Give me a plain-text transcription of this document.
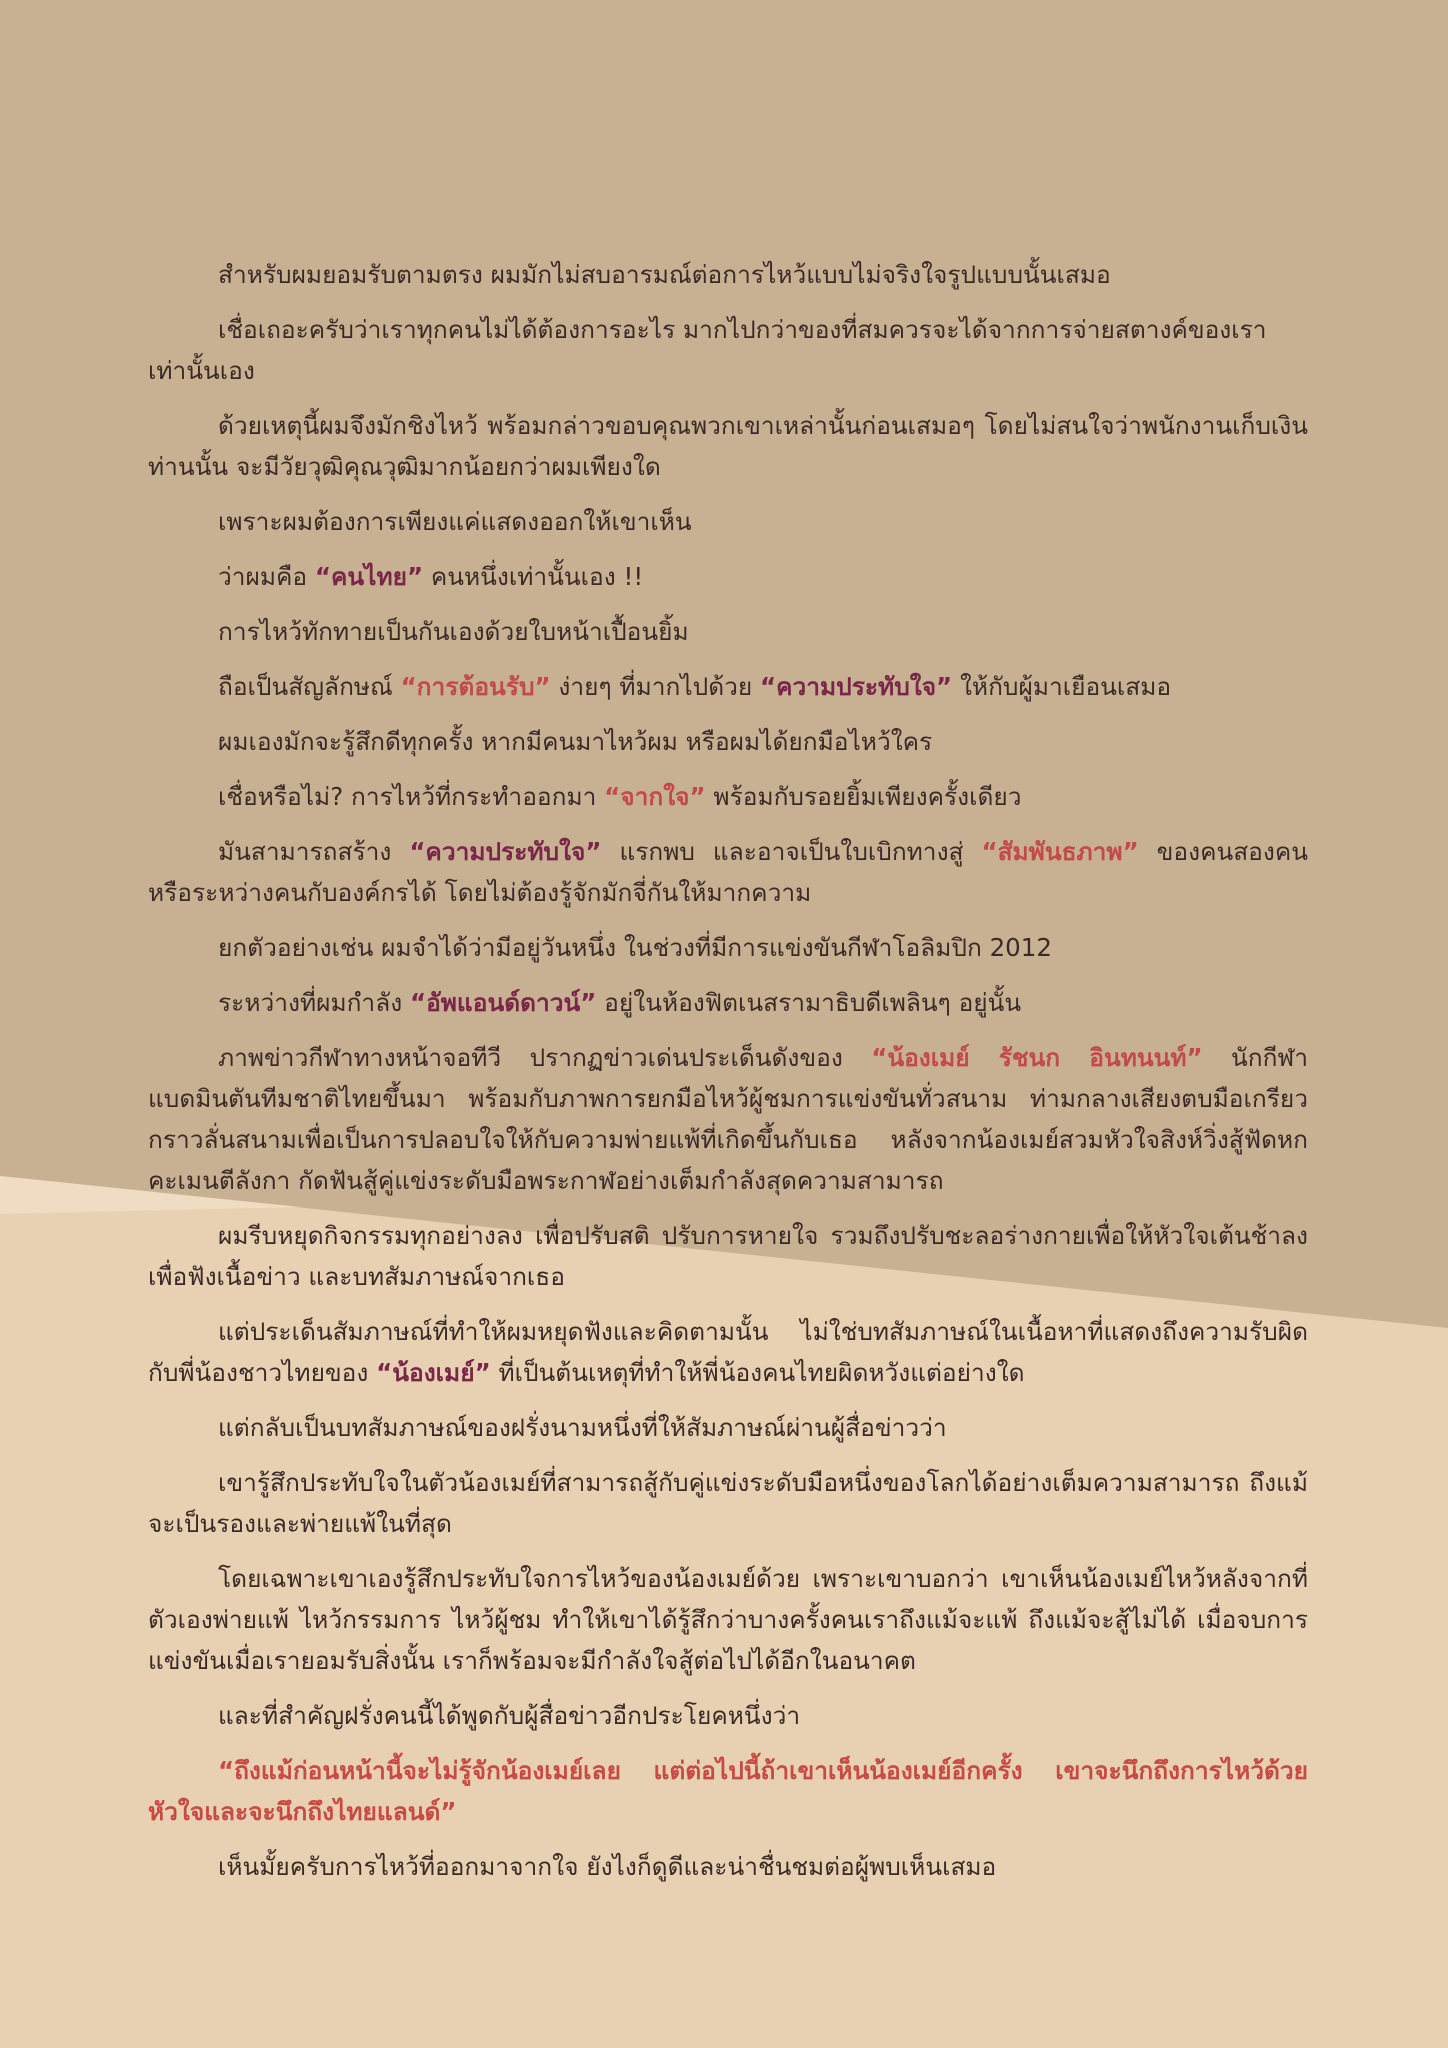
สำหรับผมยอมรับตามตรง ผมมักไม่สบอารมณ์ต่อการไหว้แบบไม่จริงใจรูปแบบนั้นเสมอ

เชื่อเถอะครับว่าเราทุกคนไม่ได้ต้องการอะไร มากไปกว่าของที่สมควรจะได้จากการจ่ายสตางค์ของเราเท่านั้นเอง

ด้วยเหตุนี้ผมจึงมักชิงไหว้ พร้อมกล่าวขอบคุณพวกเขาเหล่านั้นก่อนเสมอๆ โดยไม่สนใจว่าพนักงานเก็บเงินท่านนั้น จะมีวัยวุฒิคุณวุฒิมากน้อยกว่าผมเพียงใด

เพราะผมต้องการเพียงแค่แสดงออกให้เขาเห็น

ว่าผมคือ “คนไทย” คนหนึ่งเท่านั้นเอง !!

การไหว้ทักทายเป็นกันเองด้วยใบหน้าเปื้อนยิ้ม

ถือเป็นสัญลักษณ์ “การต้อนรับ” ง่ายๆ ที่มากไปด้วย “ความประทับใจ” ให้กับผู้มาเยือนเสมอ

ผมเองมักจะรู้สึกดีทุกครั้ง หากมีคนมาไหว้ผม หรือผมได้ยกมือไหว้ใคร

เชื่อหรือไม่? การไหว้ที่กระทำออกมา “จากใจ” พร้อมกับรอยยิ้มเพียงครั้งเดียว

มันสามารถสร้าง “ความประทับใจ” แรกพบ และอาจเป็นใบเบิกทางสู่ “สัมพันธภาพ” ของคนสองคน หรือระหว่างคนกับองค์กรได้ โดยไม่ต้องรู้จักมักจี่กันให้มากความ

ยกตัวอย่างเช่น ผมจำได้ว่ามีอยู่วันหนึ่ง ในช่วงที่มีการแข่งขันกีฬาโอลิมปิก 2012

ระหว่างที่ผมกำลัง “อัพแอนด์ดาวน์” อยู่ในห้องฟิตเนสรามาธิบดีเพลินๆ อยู่นั้น

ภาพข่าวกีฬาทางหน้าจอทีวี ปรากฏข่าวเด่นประเด็นดังของ “น้องเมย์ รัชนก อินทนนท์” นักกีฬาแบดมินตันทีมชาติไทยขึ้นมา พร้อมกับภาพการยกมือไหว้ผู้ชมการแข่งขันทั่วสนาม ท่ามกลางเสียงตบมือเกรียวกราวลั่นสนามเพื่อเป็นการปลอบใจให้กับความพ่ายแพ้ที่เกิดขึ้นกับเธอ หลังจากน้องเมย์สวมหัวใจสิงห์วิ่งสู้ฟัดหกคะเมนตีลังกา กัดฟันสู้คู่แข่งระดับมือพระกาฬอย่างเต็มกำลังสุดความสามารถ

ผมรีบหยุดกิจกรรมทุกอย่างลง เพื่อปรับสติ ปรับการหายใจ รวมถึงปรับชะลอร่างกายเพื่อให้หัวใจเต้นช้าลงเพื่อฟังเนื้อข่าว และบทสัมภาษณ์จากเธอ

แต่ประเด็นสัมภาษณ์ที่ทำให้ผมหยุดฟังและคิดตามนั้น ไม่ใช่บทสัมภาษณ์ในเนื้อหาที่แสดงถึงความรับผิดกับพี่น้องชาวไทยของ “น้องเมย์” ที่เป็นต้นเหตุที่ทำให้พี่น้องคนไทยผิดหวังแต่อย่างใด

แต่กลับเป็นบทสัมภาษณ์ของฝรั่งนามหนึ่งที่ให้สัมภาษณ์ผ่านผู้สื่อข่าวว่า

เขารู้สึกประทับใจในตัวน้องเมย์ที่สามารถสู้กับคู่แข่งระดับมือหนึ่งของโลกได้อย่างเต็มความสามารถ ถึงแม้จะเป็นรองและพ่ายแพ้ในที่สุด

โดยเฉพาะเขาเองรู้สึกประทับใจการไหว้ของน้องเมย์ด้วย เพราะเขาบอกว่า เขาเห็นน้องเมย์ไหว้หลังจากที่ตัวเองพ่ายแพ้ ไหว้กรรมการ ไหว้ผู้ชม ทำให้เขาได้รู้สึกว่าบางครั้งคนเราถึงแม้จะแพ้ ถึงแม้จะสู้ไม่ได้ เมื่อจบการแข่งขันเมื่อเรายอมรับสิ่งนั้น เราก็พร้อมจะมีกำลังใจสู้ต่อไปได้อีกในอนาคต

และที่สำคัญฝรั่งคนนี้ได้พูดกับผู้สื่อข่าวอีกประโยคหนึ่งว่า

“ถึงแม้ก่อนหน้านี้จะไม่รู้จักน้องเมย์เลย แต่ต่อไปนี้ถ้าเขาเห็นน้องเมย์อีกครั้ง เขาจะนึกถึงการไหว้ด้วยหัวใจและจะนึกถึงไทยแลนด์”

เห็นมั้ยครับการไหว้ที่ออกมาจากใจ ยังไงก็ดูดีและน่าชื่นชมต่อผู้พบเห็นเสมอ
